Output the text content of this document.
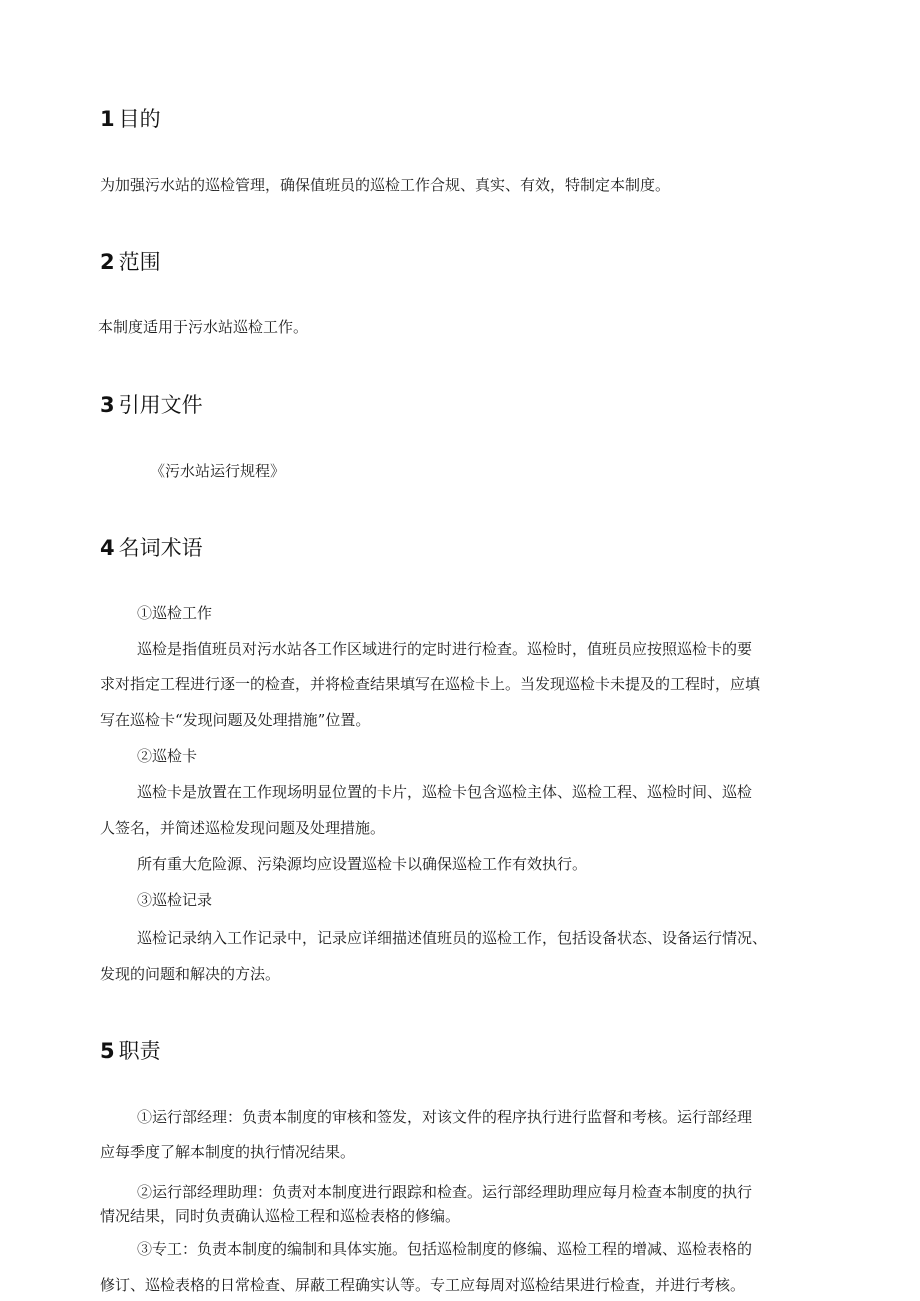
1 目的

为加强污水站的巡检管理，确保值班员的巡检工作合规、真实、有效，特制定本制度。

2 范围

本制度适用于污水站巡检工作。

3 引用文件

《污水站运行规程》

4 名词术语

①巡检工作

巡检是指值班员对污水站各工作区域进行的定时进行检查。巡检时，值班员应按照巡检卡的要

求对指定工程进行逐一的检查，并将检查结果填写在巡检卡上。当发现巡检卡未提及的工程时，应填

写在巡检卡“发现问题及处理措施”位置。

②巡检卡

巡检卡是放置在工作现场明显位置的卡片，巡检卡包含巡检主体、巡检工程、巡检时间、巡检

人签名，并简述巡检发现问题及处理措施。

所有重大危险源、污染源均应设置巡检卡以确保巡检工作有效执行。

③巡检记录

巡检记录纳入工作记录中，记录应详细描述值班员的巡检工作，包括设备状态、设备运行情况、

发现的问题和解决的方法。

5 职责

①运行部经理：负责本制度的审核和签发，对该文件的程序执行进行监督和考核。运行部经理

应每季度了解本制度的执行情况结果。

②运行部经理助理：负责对本制度进行跟踪和检查。运行部经理助理应每月检查本制度的执行

情况结果，同时负责确认巡检工程和巡检表格的修编。

③专工：负责本制度的编制和具体实施。包括巡检制度的修编、巡检工程的增减、巡检表格的

修订、巡检表格的日常检查、屏蔽工程确实认等。专工应每周对巡检结果进行检查，并进行考核。
